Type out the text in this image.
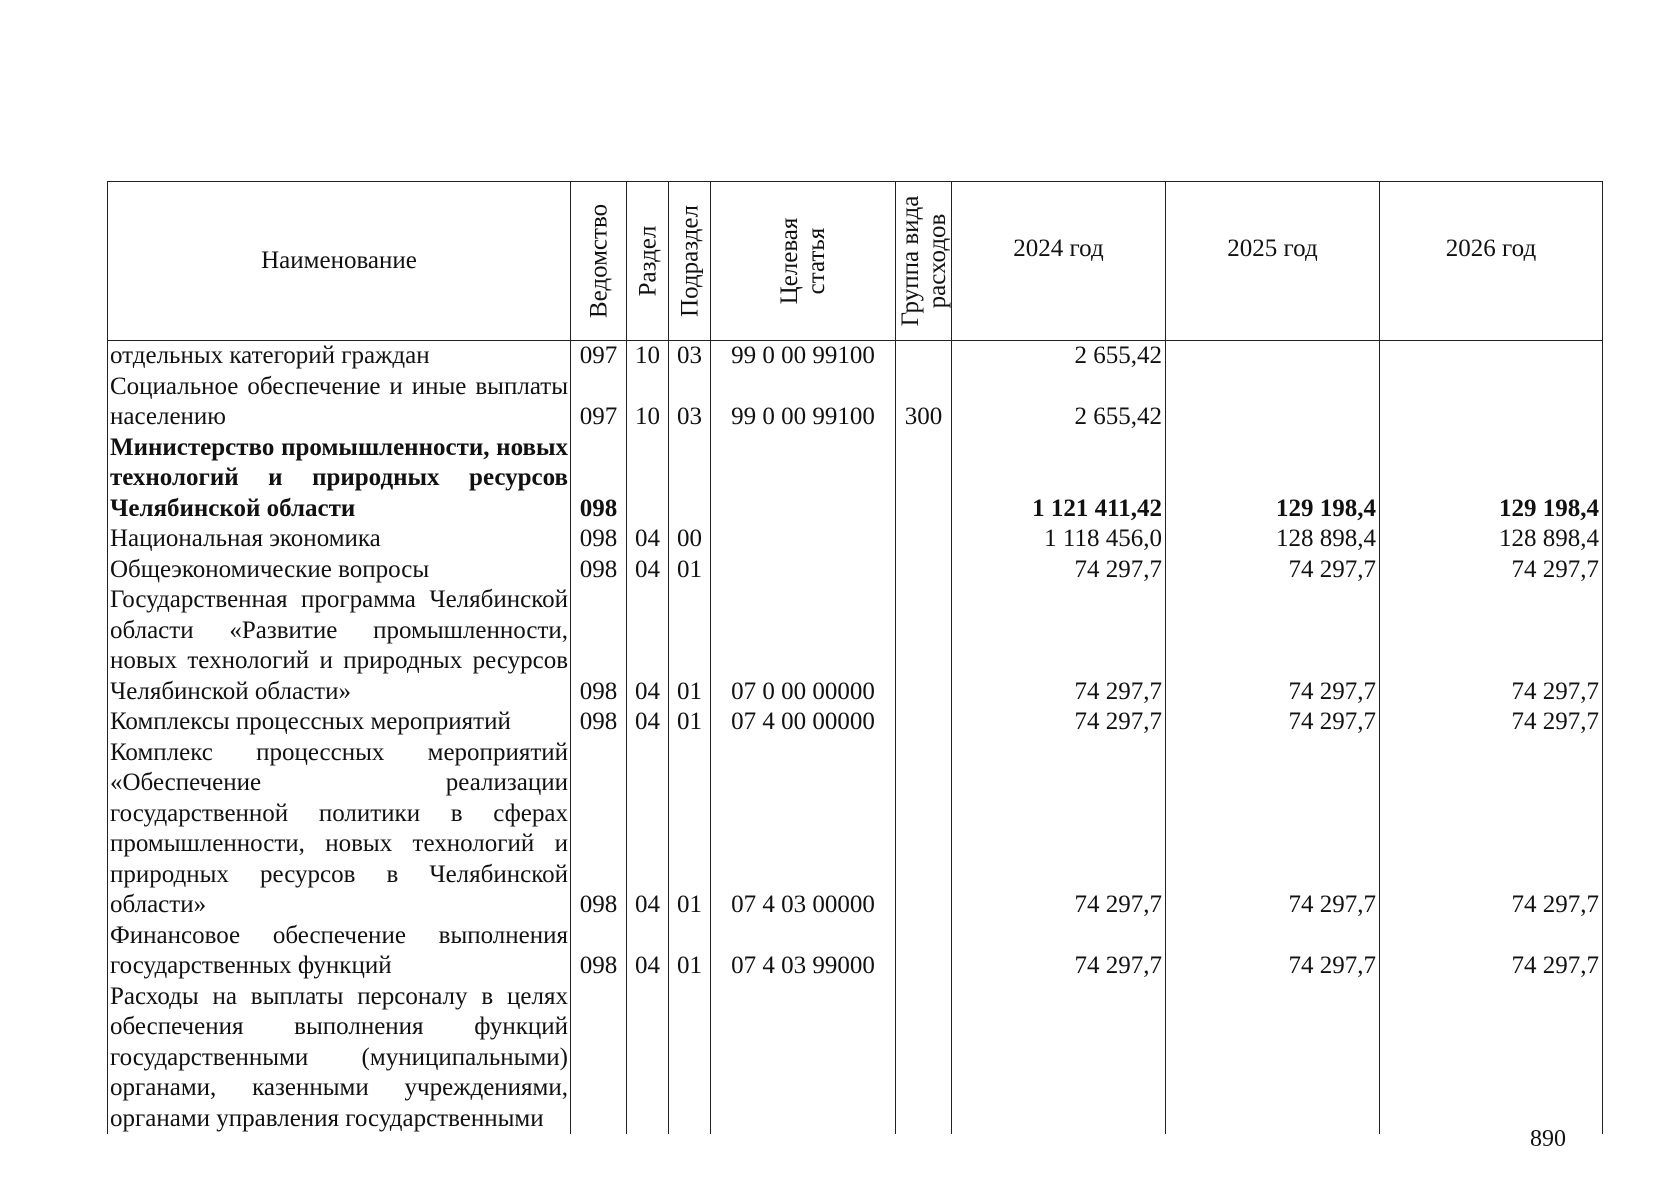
Наименование	Ведомство	Раздел	Подраздел	Целевая статья	Группа вида расходов	2024 год	2025 год	2026 год
отдельных категорий граждан	097	10	03	99 0 00 99100		2 655,42		
Социальное обеспечение и иные выплаты населению	097	10	03	99 0 00 99100	300	2 655,42		
Министерство промышленности, новых технологий и природных ресурсов Челябинской области	098					1 121 411,42	129 198,4	129 198,4
Национальная экономика	098	04	00			1 118 456,0	128 898,4	128 898,4
Общеэкономические вопросы	098	04	01			74 297,7	74 297,7	74 297,7
Государственная программа Челябинской области «Развитие промышленности, новых технологий и природных ресурсов Челябинской области»	098	04	01	07 0 00 00000		74 297,7	74 297,7	74 297,7
Комплексы процессных мероприятий	098	04	01	07 4 00 00000		74 297,7	74 297,7	74 297,7
Комплекс процессных мероприятий «Обеспечение реализации государственной политики в сферах промышленности, новых технологий и природных ресурсов в Челябинской области»	098	04	01	07 4 03 00000		74 297,7	74 297,7	74 297,7
Финансовое обеспечение выполнения государственных функций	098	04	01	07 4 03 99000		74 297,7	74 297,7	74 297,7
Расходы на выплаты персоналу в целях обеспечения выполнения функций государственными (муниципальными) органами, казенными учреждениями, органами управления государственными								
890
